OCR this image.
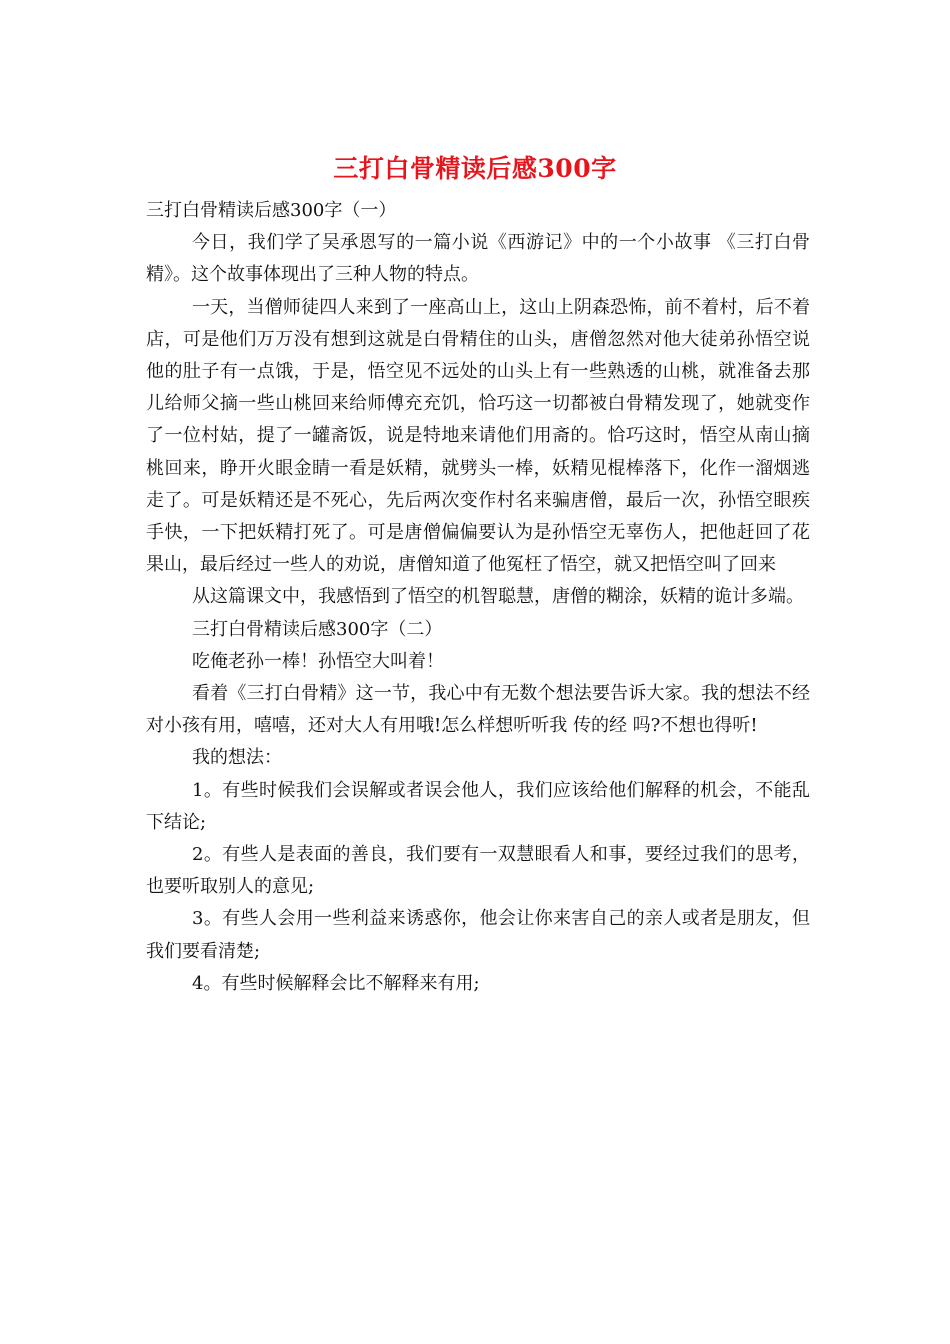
三打白骨精读后感300字

三打白骨精读后感300字（一）

今日，我们学了吴承恩写的一篇小说《西游记》中的一个小故事 《三打白骨精》。这个故事体现出了三种人物的特点。

一天，当僧师徒四人来到了一座高山上，这山上阴森恐怖，前不着村，后不着店，可是他们万万没有想到这就是白骨精住的山头，唐僧忽然对他大徒弟孙悟空说他的肚子有一点饿，于是，悟空见不远处的山头上有一些熟透的山桃，就准备去那儿给师父摘一些山桃回来给师傅充充饥，恰巧这一切都被白骨精发现了，她就变作了一位村姑，提了一罐斋饭，说是特地来请他们用斋的。恰巧这时，悟空从南山摘桃回来，睁开火眼金睛一看是妖精，就劈头一棒，妖精见棍棒落下，化作一溜烟逃走了。可是妖精还是不死心，先后两次变作村名来骗唐僧，最后一次，孙悟空眼疾手快，一下把妖精打死了。可是唐僧偏偏要认为是孙悟空无辜伤人，把他赶回了花果山，最后经过一些人的劝说，唐僧知道了他冤枉了悟空，就又把悟空叫了回来

从这篇课文中，我感悟到了悟空的机智聪慧，唐僧的糊涂，妖精的诡计多端。

三打白骨精读后感300字（二）

吃俺老孙一棒！孙悟空大叫着！

看着《三打白骨精》这一节，我心中有无数个想法要告诉大家。我的想法不经对小孩有用，嘻嘻，还对大人有用哦!怎么样想听听我 传的经 吗?不想也得听!

我的想法：

1。有些时候我们会误解或者误会他人，我们应该给他们解释的机会，不能乱下结论;

2。有些人是表面的善良，我们要有一双慧眼看人和事，要经过我们的思考，也要听取别人的意见;

3。有些人会用一些利益来诱惑你，他会让你来害自己的亲人或者是朋友，但我们要看清楚;

4。有些时候解释会比不解释来有用;
